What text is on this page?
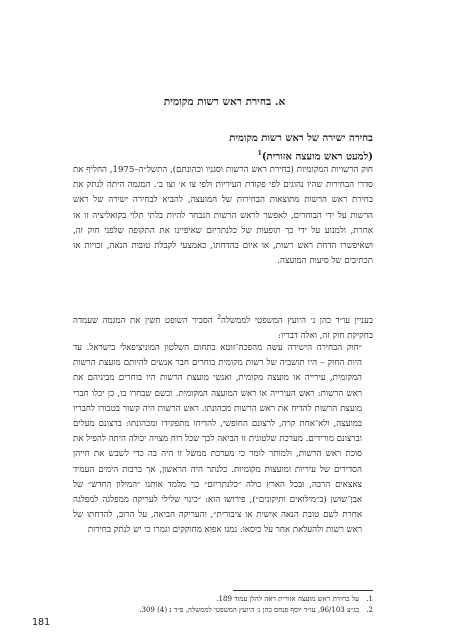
א. בחירת ראש רשות מקומית
בחירה ישירה של ראש רשות מקומית
(למעט ראש מועצה אזורית)$^1$

חוק הרשויות המקומיות (בחירת ראש הרשות וסגניו וכהונתם), התשל״ה–1975, החליף את סדרי הבחירות שהיו נהוגים לפי פקודת העיריות ולפי צו א׳ וצו ב׳. המגמה היתה לנתק את בחירת ראש הרשות מתוצאות הבחירות של המועצה, להביא לבחירה ישירה של ראש הרשות על ידי הבוחרים, לאפשר לראש הרשות הנבחר להיות בלתי תלוי בקואליציה זו או אחרת, ולמנוע על ידי כך תופעות של כלנתריזם שאיפיינו את התקופה שלפני חוק זה, ושאיפשרו הדחת ראש רשות, או איום בהדחתו, כאמצעי לקבלת טובות הנאה, זכויות או תכתיבים של סיעות המועצה.

בעניין עו״ד כהן נ׳ היועץ המשפטי לממשלה$^2$ הסביר השופט חשין את המגמה שעמדה בחקיקת חוק זה, ואלה דבריו:

״חוק הבחירה הישירה עשה מהפכה־זוטא בתחום השלטון המוניציפאלי בישראל. עד היות החוק – היו תושביה של רשות מקומית בוחרים חבר אנשים להיותם מועצת הרשות המקומית, עירייה או מועצה מקומית, ואנשי מועצת הרשות היו בוחרים מביניהם את ראש הרשות: ראש העירייה או ראש המועצה המקומית. וכשם שבחרו בו, כן יכלו חברי מועצת הרשות להדיח את ראש הרשות מכהונתו. ראש הרשות היה קשור בטבורו לחבריו במועצה, ולא־אחת קרה, לרצונם החופשי, להדיחו מתפקידו ומכהונתו: ברצונם מעלים וברצונם מורידים. מערכת שלטונית זו הביאה לכך שכל רוח מצויה יכולה היתה להפיל את סוכת ראש הרשות, ולמותר לומר כי מערכת ממשל זו היה בה כדי לשבש את חייהן הסדירים של עיריות ומועצות מקומיות. כלנתר היה הראשון, אך ברבות הימים העמיד צאצאים הרבה, ובכל הארץ כולה ״כלנתריזם״ כך מלמד אותנו ״המילון החדש״ של אבן־שושן (ב״מילואים ותיקונים״), פירושו הוא: ״כינוי שלילי לעריקה ממפלגה למפלגה אחרת לשם טובת הנאה אישית או ציבורית״, והעריקה הביאה, על הרוב, להדחתו של ראש רשות ולהעלאת אחר על כיסאו. נמנו אפוא מחוקקים וגמרו כי יש לנתק בחירות

1.על בחירת ראש מועצה אזורית ראה להלן עמוד 189.
2.בג״צ 96/103, עו״ד יוסף פנחס כהן נ׳ היועץ המשפטי לממשלה, פ״ד נ (4) 309.
181
